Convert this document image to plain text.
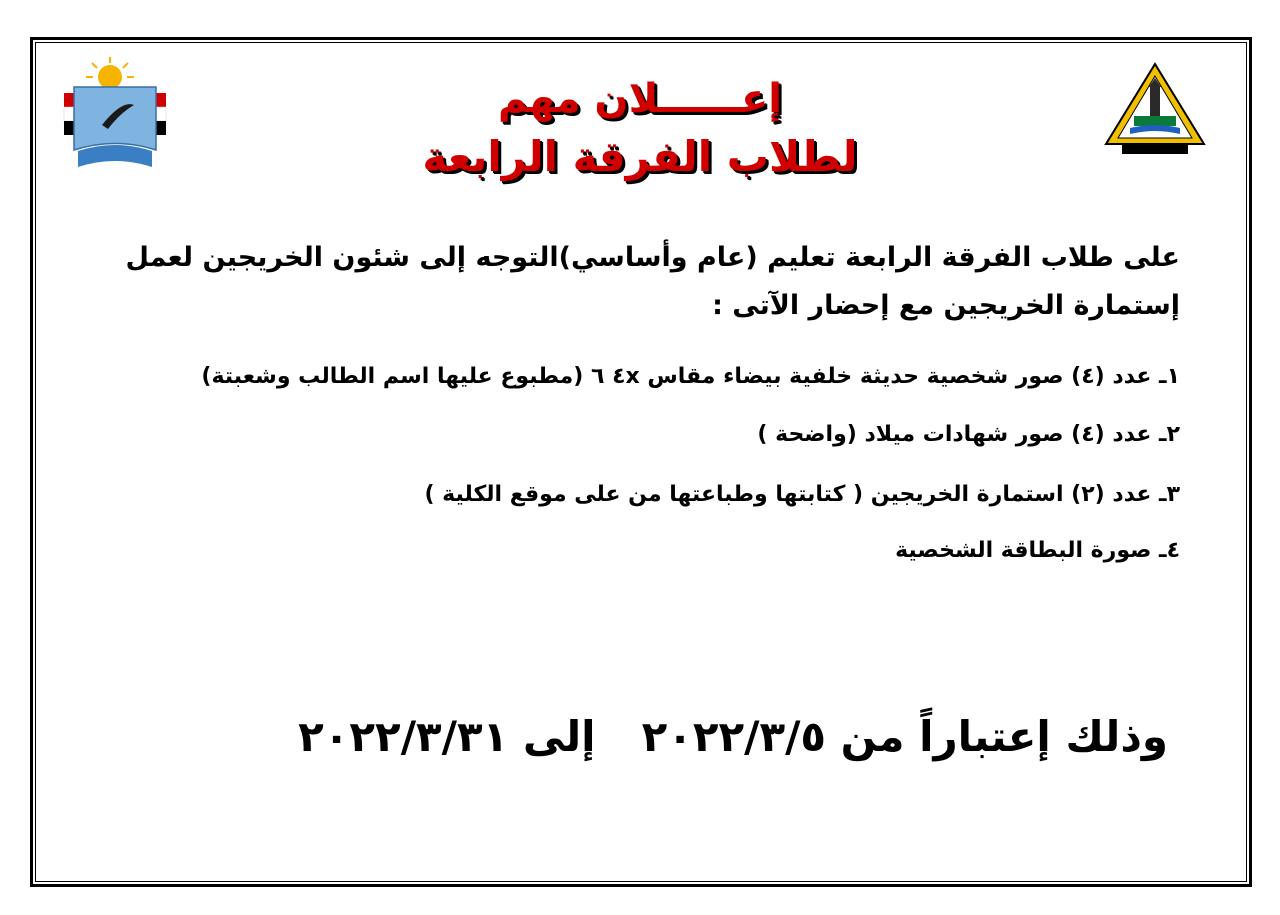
إعــــــلان مهم
لطلاب الفرقة الرابعة
على طلاب الفرقة الرابعة تعليم (عام وأساسي)التوجه إلى شئون الخريجين لعمل
إستمارة الخريجين مع إحضار الآتى :
١ـ عدد (٤) صور شخصية حديثة خلفية بيضاء مقاس ٤x ٦ (مطبوع عليها اسم الطالب وشعبتة)
٢ـ عدد (٤) صور شهادات ميلاد (واضحة )
٣ـ عدد (٢) استمارة الخريجين ( كتابتها وطباعتها من على موقع الكلية )
٤ـ صورة البطاقة الشخصية
وذلك إعتباراً من ٢٠٢٢/٣/٥إلى ٢٠٢٢/٣/٣١
